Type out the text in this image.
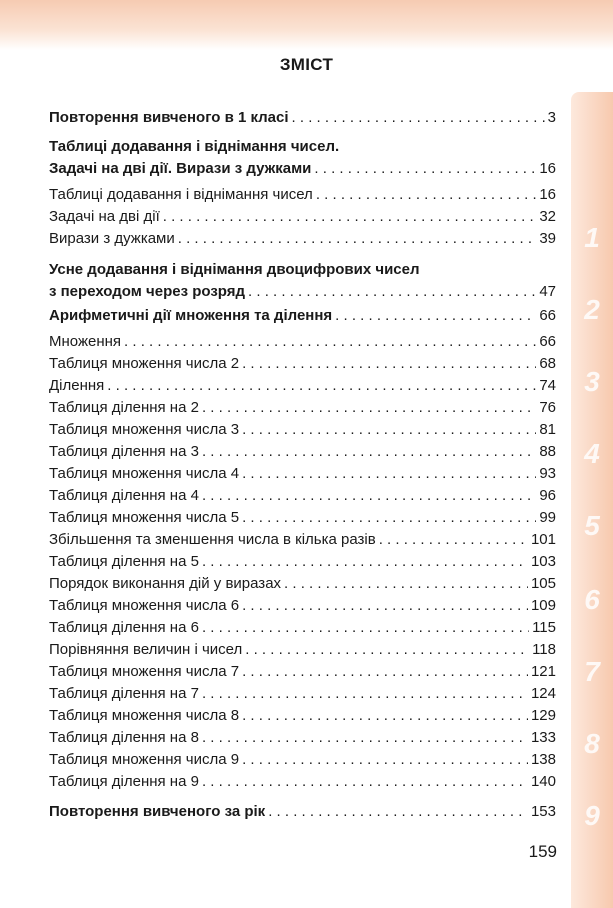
1
2
3
4
5
6
7
8
9
ЗМІСТ
Повторення вивченого в 1 класі . . .	3
Таблиці додавання і віднімання чисел.
Задачі на дві дії. Вирази з дужками . . .	16
Таблиці додавання і віднімання чисел . . .	16
Задачі на дві дії . . .	32
Вирази з дужками . . .	39
Усне додавання і віднімання двоцифрових чисел
з переходом через розряд . . .	47
Арифметичні дії множення та ділення . . .	66
Множення . . .	66
Таблиця множення числа 2 . . .	68
Ділення . . .	74
Таблиця ділення на 2 . . .	76
Таблиця множення числа 3 . . .	81
Таблиця ділення на 3 . . .	88
Таблиця множення числа 4 . . .	93
Таблиця ділення на 4 . . .	96
Таблиця множення числа 5 . . .	99
Збільшення та зменшення числа в кілька разів . . .	101
Таблиця ділення на 5 . . .	103
Порядок виконання дій у виразах . . .	105
Таблиця множення числа 6 . . .	109
Таблиця ділення на 6 . . .	115
Порівняння величин і чисел . . .	118
Таблиця множення числа 7 . . .	121
Таблиця ділення на 7 . . .	124
Таблиця множення числа 8 . . .	129
Таблиця ділення на 8 . . .	133
Таблиця множення числа 9 . . .	138
Таблиця ділення на 9 . . .	140
Повторення вивченого за рік . . .	153
159
